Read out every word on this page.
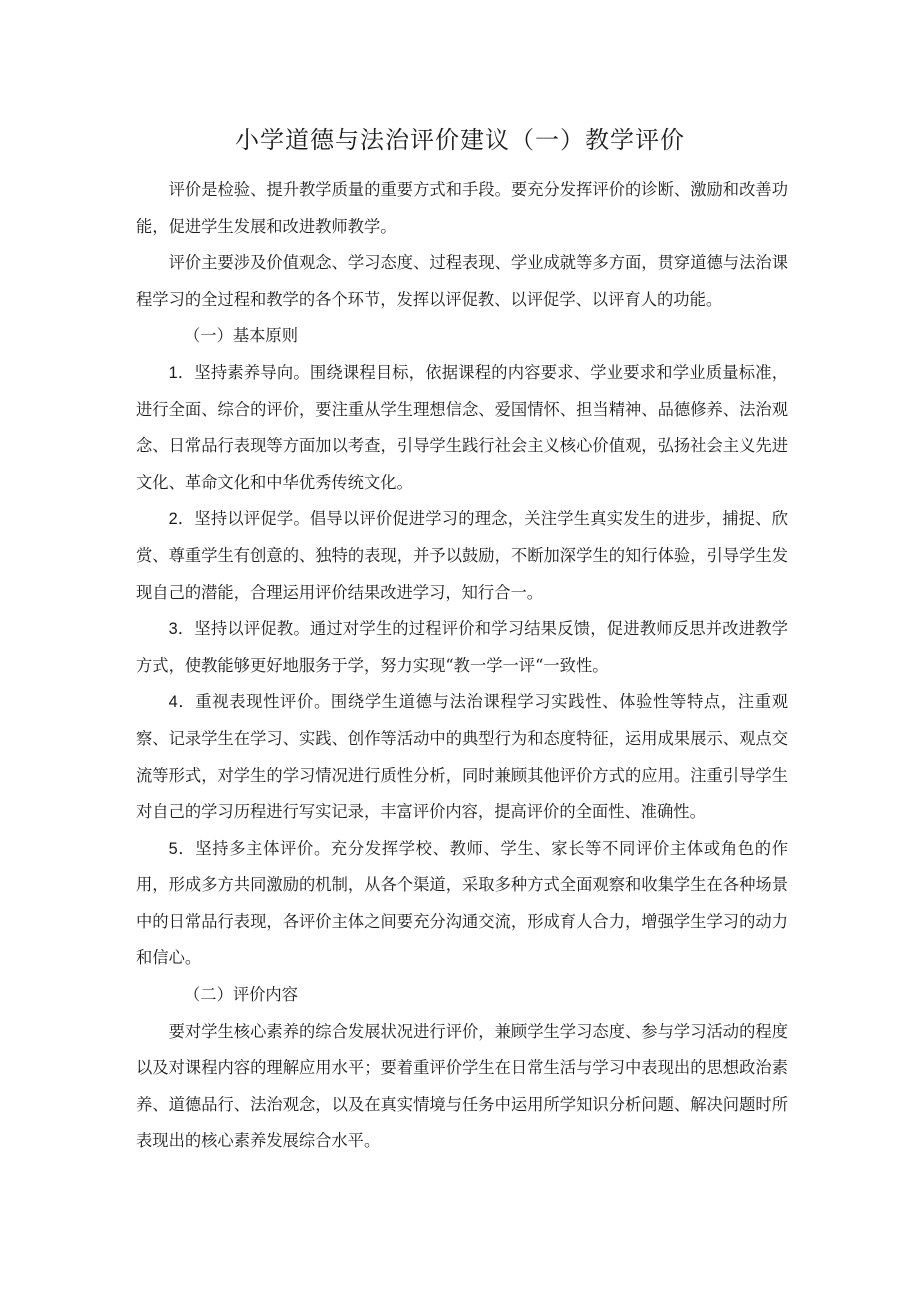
小学道德与法治评价建议（一）教学评价

评价是检验、提升教学质量的重要方式和手段。要充分发挥评价的诊断、激励和改善功能，促进学生发展和改进教师教学。

评价主要涉及价值观念、学习态度、过程表现、学业成就等多方面，贯穿道德与法治课程学习的全过程和教学的各个环节，发挥以评促教、以评促学、以评育人的功能。

（一）基本原则

1．坚持素养导向。围绕课程目标，依据课程的内容要求、学业要求和学业质量标准，进行全面、综合的评价，要注重从学生理想信念、爱国情怀、担当精神、品德修养、法治观念、日常品行表现等方面加以考查，引导学生践行社会主义核心价值观，弘扬社会主义先进文化、革命文化和中华优秀传统文化。

2．坚持以评促学。倡导以评价促进学习的理念，关注学生真实发生的进步，捕捉、欣赏、尊重学生有创意的、独特的表现，并予以鼓励，不断加深学生的知行体验，引导学生发现自己的潜能，合理运用评价结果改进学习，知行合一。

3．坚持以评促教。通过对学生的过程评价和学习结果反馈，促进教师反思并改进教学方式，使教能够更好地服务于学，努力实现“教一学一评“一致性。

4．重视表现性评价。围绕学生道德与法治课程学习实践性、体验性等特点，注重观察、记录学生在学习、实践、创作等活动中的典型行为和态度特征，运用成果展示、观点交流等形式，对学生的学习情况进行质性分析，同时兼顾其他评价方式的应用。注重引导学生对自己的学习历程进行写实记录，丰富评价内容，提高评价的全面性、准确性。

5．坚持多主体评价。充分发挥学校、教师、学生、家长等不同评价主体或角色的作用，形成多方共同激励的机制，从各个渠道，采取多种方式全面观察和收集学生在各种场景中的日常品行表现，各评价主体之间要充分沟通交流，形成育人合力，增强学生学习的动力和信心。

（二）评价内容

要对学生核心素养的综合发展状况进行评价，兼顾学生学习态度、参与学习活动的程度以及对课程内容的理解应用水平；要着重评价学生在日常生活与学习中表现出的思想政治素养、道德品行、法治观念，以及在真实情境与任务中运用所学知识分析问题、解决问题时所表现出的核心素养发展综合水平。
